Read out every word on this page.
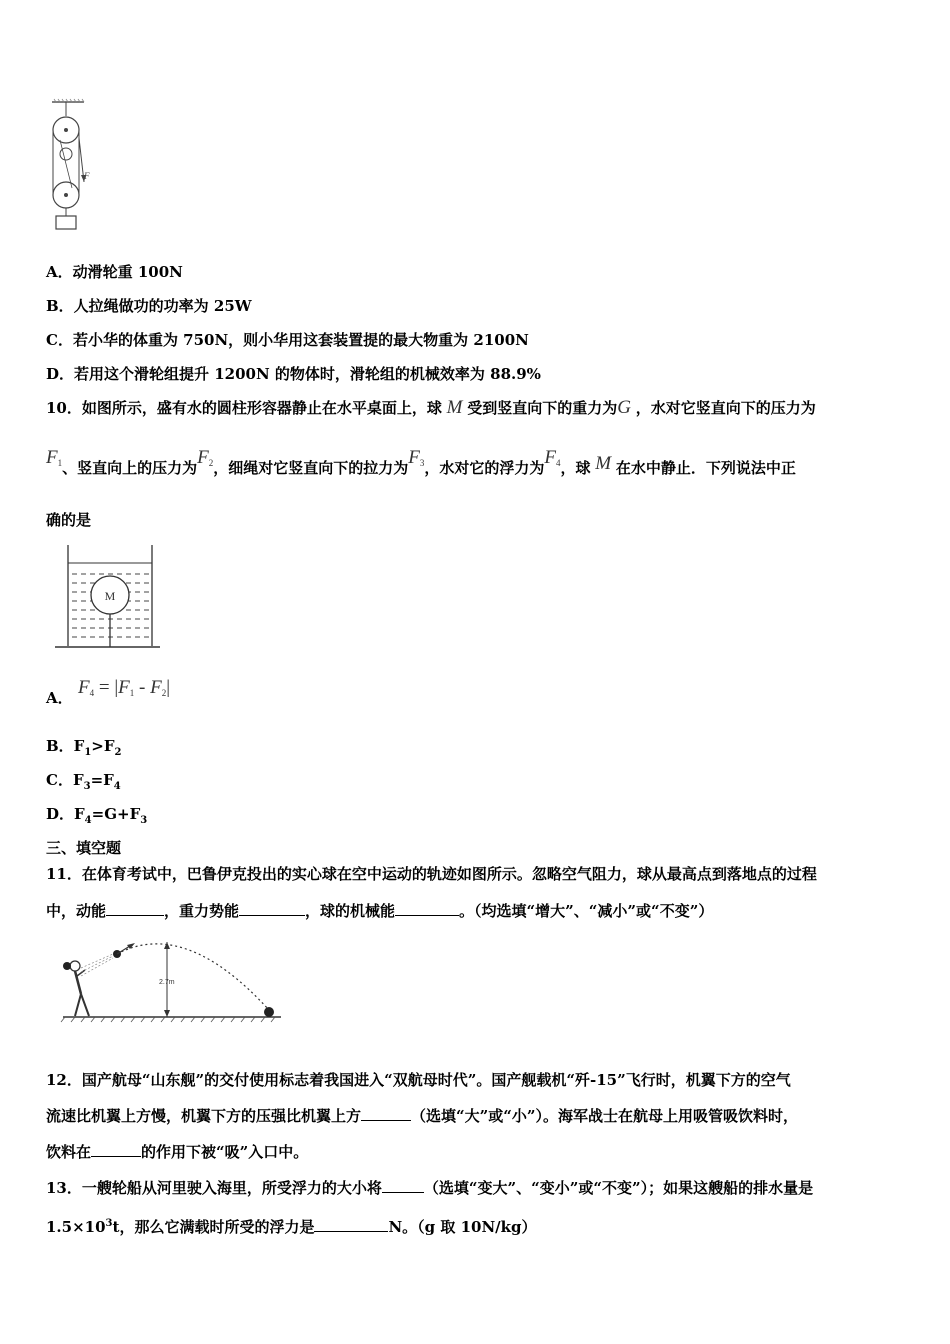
F
A．动滑轮重 100N
B．人拉绳做功的功率为 25W
C．若小华的体重为 750N，则小华用这套装置提的最大物重为 2100N
D．若用这个滑轮组提升 1200N 的物体时，滑轮组的机械效率为 88.9%
10．如图所示，盛有水的圆柱形容器静止在水平桌面上，球 M 受到竖直向下的重力为G ，水对它竖直向下的压力为
F1、竖直向上的压力为F2，细绳对它竖直向下的拉力为F3，水对它的浮力为F4，球 M 在水中静止．下列说法中正
确的是
M
A． F4 = |F1 - F2|
B．$F_1>F_2$
C．$F_3=F_4$
D．$F_4=G+F_3$
三、填空题
11．在体育考试中，巴鲁伊克投出的实心球在空中运动的轨迹如图所示。忽略空气阻力，球从最高点到落地点的过程
中，动能	，重力势能	，球的机械能	。（均选填“增大”、“减小”或“不变”）
2.7m
12．国产航母“山东舰”的交付使用标志着我国进入“双航母时代”。国产舰载机“歼-15”飞行时，机翼下方的空气
流速比机翼上方慢，机翼下方的压强比机翼上方	（选填“大”或“小”）。海军战士在航母上用吸管吸饮料时，
饮料在	的作用下被“吸”入口中。
13．一艘轮船从河里驶入海里，所受浮力的大小将	（选填“变大”、“变小”或“不变”）；如果这艘船的排水量是
$1.5\times 10^3t$，那么它满载时所受的浮力是	N。（g 取 10N/kg）
